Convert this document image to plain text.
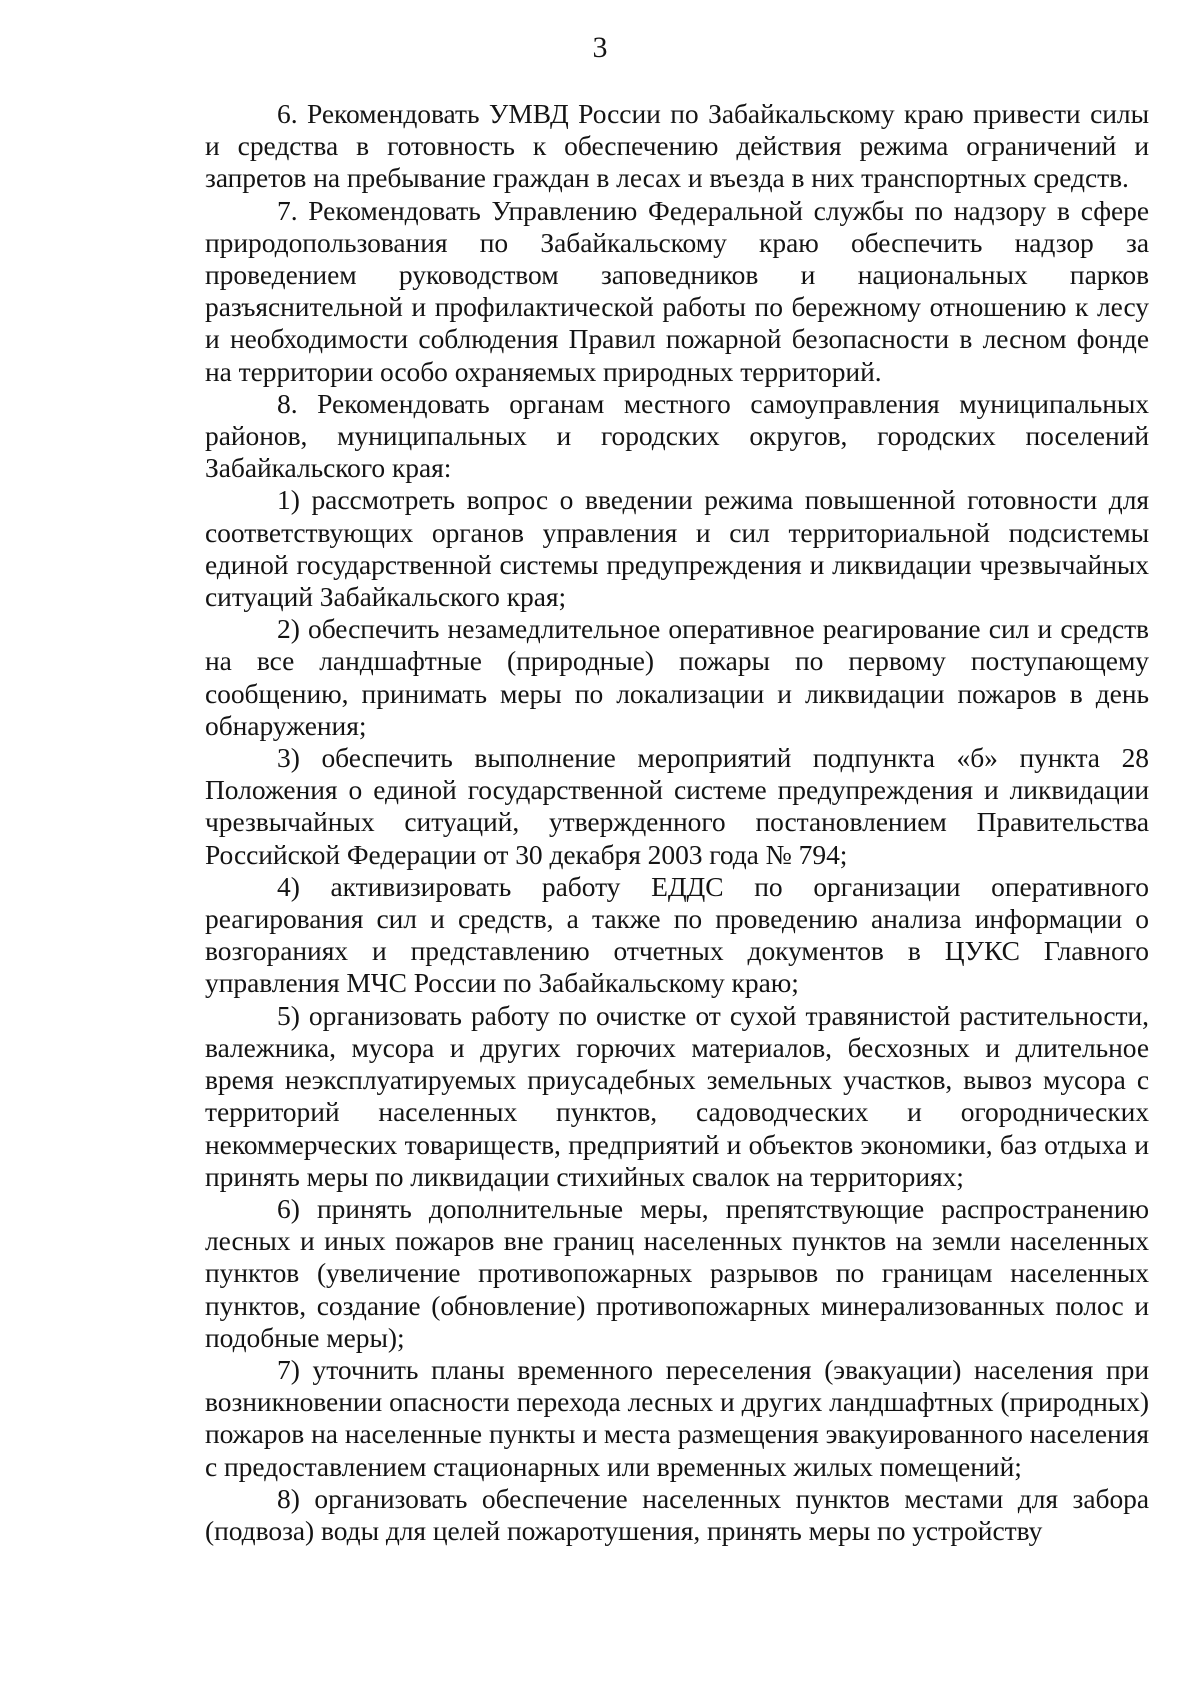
3

6. Рекомендовать УМВД России по Забайкальскому краю привести силы и средства в готовность к обеспечению действия режима ограничений и запретов на пребывание граждан в лесах и въезда в них транспортных средств.

7. Рекомендовать Управлению Федеральной службы по надзору в сфере природопользования по Забайкальскому краю обеспечить надзор за проведением руководством заповедников и национальных парков разъяснительной и профилактической работы по бережному отношению к лесу и необходимости соблюдения Правил пожарной безопасности в лесном фонде на территории особо охраняемых природных территорий.

8. Рекомендовать органам местного самоуправления муниципальных районов, муниципальных и городских округов, городских поселений Забайкальского края:

1) рассмотреть вопрос о введении режима повышенной готовности для соответствующих органов управления и сил территориальной подсистемы единой государственной системы предупреждения и ликвидации чрезвычайных ситуаций Забайкальского края;

2) обеспечить незамедлительное оперативное реагирование сил и средств на все ландшафтные (природные) пожары по первому поступающему сообщению, принимать меры по локализации и ликвидации пожаров в день обнаружения;

3) обеспечить выполнение мероприятий подпункта «б» пункта 28 Положения о единой государственной системе предупреждения и ликвидации чрезвычайных ситуаций, утвержденного постановлением Правительства Российской Федерации от 30 декабря 2003 года № 794;

4) активизировать работу ЕДДС по организации оперативного реагирования сил и средств, а также по проведению анализа информации о возгораниях и представлению отчетных документов в ЦУКС Главного управления МЧС России по Забайкальскому краю;

5) организовать работу по очистке от сухой травянистой растительности, валежника, мусора и других горючих материалов, бесхозных и длительное время неэксплуатируемых приусадебных земельных участков, вывоз мусора с территорий населенных пунктов, садоводческих и огороднических некоммерческих товариществ, предприятий и объектов экономики, баз отдыха и принять меры по ликвидации стихийных свалок на территориях;

6) принять дополнительные меры, препятствующие распространению лесных и иных пожаров вне границ населенных пунктов на земли населенных пунктов (увеличение противопожарных разрывов по границам населенных пунктов, создание (обновление) противопожарных минерализованных полос и подобные меры);

7) уточнить планы временного переселения (эвакуации) населения при возникновении опасности перехода лесных и других ландшафтных (природных) пожаров на населенные пункты и места размещения эвакуированного населения с предоставлением стационарных или временных жилых помещений;

8) организовать обеспечение населенных пунктов местами для забора (подвоза) воды для целей пожаротушения, принять меры по устройству
